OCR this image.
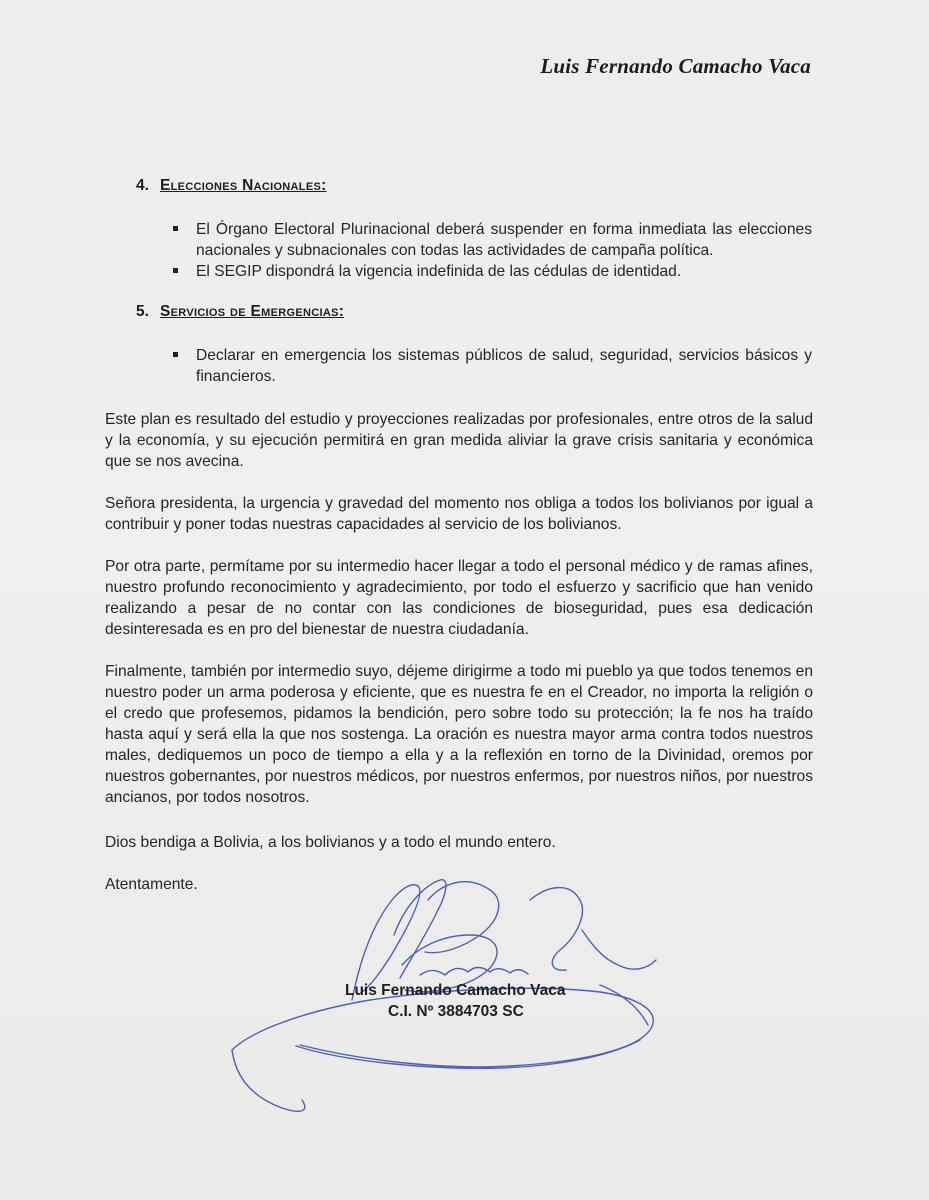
Luis Fernando Camacho Vaca
4. Elecciones Nacionales:
El Órgano Electoral Plurinacional deberá suspender en forma inmediata las elecciones nacionales y subnacionales con todas las actividades de campaña política.
El SEGIP dispondrá la vigencia indefinida de las cédulas de identidad.
5. Servicios de Emergencias:
Declarar en emergencia los sistemas públicos de salud, seguridad, servicios básicos y financieros.

Este plan es resultado del estudio y proyecciones realizadas por profesionales, entre otros de la salud y la economía, y su ejecución permitirá en gran medida aliviar la grave crisis sanitaria y económica que se nos avecina.

Señora presidenta, la urgencia y gravedad del momento nos obliga a todos los bolivianos por igual a contribuir y poner todas nuestras capacidades al servicio de los bolivianos.

Por otra parte, permítame por su intermedio hacer llegar a todo el personal médico y de ramas afines, nuestro profundo reconocimiento y agradecimiento, por todo el esfuerzo y sacrificio que han venido realizando a pesar de no contar con las condiciones de bioseguridad, pues esa dedicación desinteresada es en pro del bienestar de nuestra ciudadanía.

Finalmente, también por intermedio suyo, déjeme dirigirme a todo mi pueblo ya que todos tenemos en nuestro poder un arma poderosa y eficiente, que es nuestra fe en el Creador, no importa la religión o el credo que profesemos, pidamos la bendición, pero sobre todo su protección; la fe nos ha traído hasta aquí y será ella la que nos sostenga. La oración es nuestra mayor arma contra todos nuestros males, dediquemos un poco de tiempo a ella y a la reflexión en torno de la Divinidad, oremos por nuestros gobernantes, por nuestros médicos, por nuestros enfermos, por nuestros niños, por nuestros ancianos, por todos nosotros.

Dios bendiga a Bolivia, a los bolivianos y a todo el mundo entero.

Atentamente.

Luis Fernando Camacho Vaca
C.I. Nº 3884703 SC
